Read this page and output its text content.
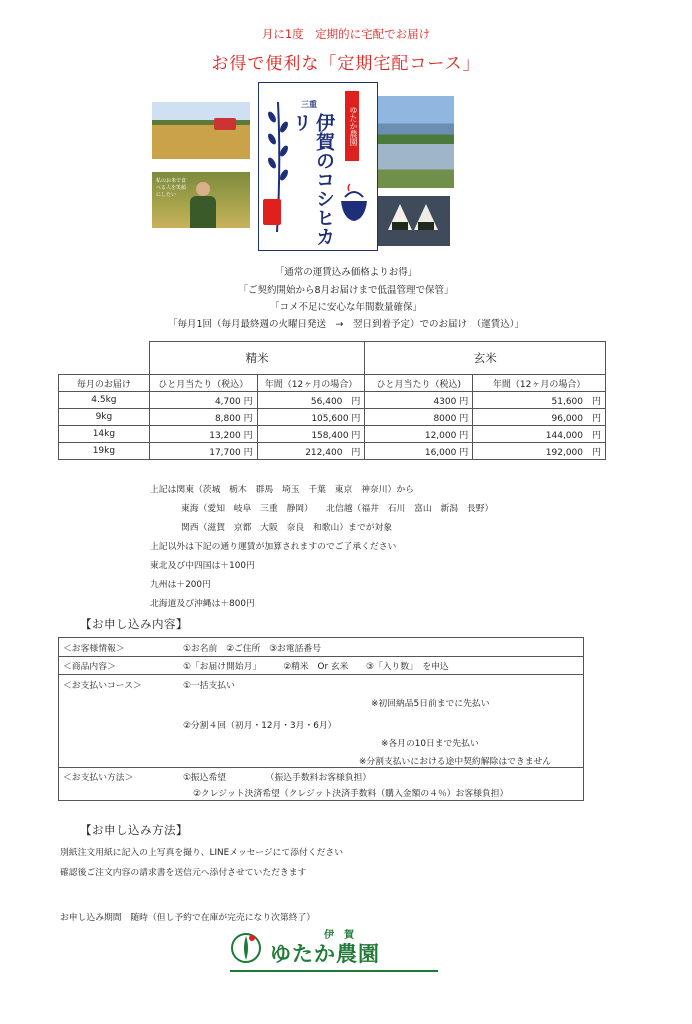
月に1度　定期的に宅配でお届け
お得で便利な「定期宅配コース」
私のお米で食べる人を笑顔にしたい
三重
伊賀のコシヒカリ	ゆたか農園
「通常の運賃込み価格よりお得」
「ご契約開始から8月お届けまで低温管理で保管」
「コメ不足に安心な年間数量確保」
「毎月1回（毎月最終週の火曜日発送　→　翌日到着予定）でのお届け　（運賃込）」
	精米		玄米	
毎月のお届け	ひと月当たり（税込）	年間（12ヶ月の場合）	ひと月当たり（税込)	年間（12ヶ月の場合）
4.5kg	4,700 円	56,400　円	4300 円	51,600　円
9kg	8,800 円	105,600 円	8000 円	96,000　円
14kg	13,200 円	158,400 円	12,000 円	144,000　円
19kg	17,700 円	212,400　円	16,000 円	192,000　円
上記は関東（茨城　栃木　群馬　埼玉　千葉　東京　神奈川）から
東海（愛知　岐阜　三重　静岡）　　北信越（福井　石川　富山　新潟　長野）
関西（滋賀　京都　大阪　奈良　和歌山）までが対象
上記以外は下記の通り運賃が加算されますのでご了承ください
東北及び中四国は＋100円
九州は＋200円
北海道及び沖縄は＋800円
【お申し込み内容】
＜お客様情報＞	①お名前　②ご住所　③お電話番号
＜商品内容＞	①「お届け開始月」　　　②精米　Or 玄米　　③「入り数」　を申込
＜お支払いコース＞	①一括支払い
※初回納品5日前までに先払い
②分割４回（初月・12月・3月・6月）
※各月の10日まで先払い
※分割支払いにおける途中契約解除はできません
＜お支払い方法＞	①振込希望　　　　　（振込手数料お客様負担）
②クレジット決済希望（クレジット決済手数料（購入金額の４％）お客様負担）
【お申し込み方法】
別紙注文用紙に記入の上写真を撮り、LINEメッセージにて添付ください
確認後ご注文内容の請求書を送信元へ添付させていただきます
お申し込み期間　随時（但し予約で在庫が完売になり次第終了）
伊　賀
ゆたか農園
